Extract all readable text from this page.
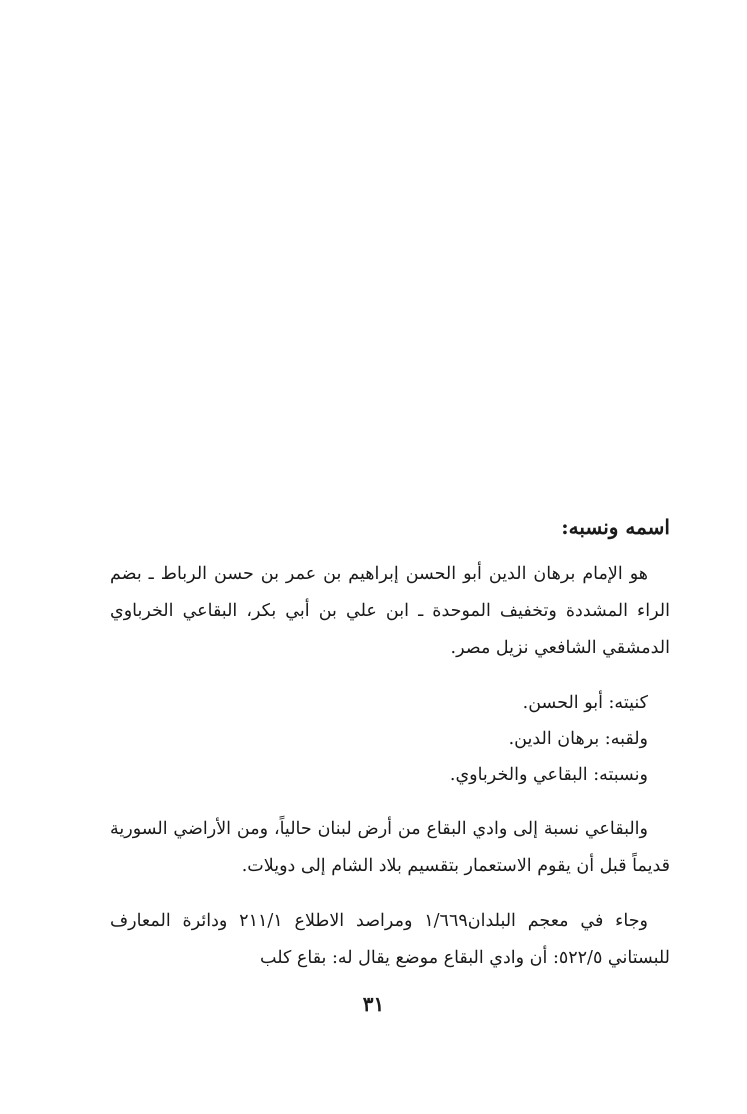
اسمه ونسبه:

هو الإمام برهان الدين أبو الحسن إبراهيم بن عمر بن حسن الرباط ـ بضم الراء المشددة وتخفيف الموحدة ـ ابن علي بن أبي بكر، البقاعي الخرباوي الدمشقي الشافعي نزيل مصر.

كنيته: أبو الحسن.
ولقبه: برهان الدين.
ونسبته: البقاعي والخرباوي.

والبقاعي نسبة إلى وادي البقاع من أرض لبنان حالياً، ومن الأراضي السورية قديماً قبل أن يقوم الاستعمار بتقسيم بلاد الشام إلى دويلات.

وجاء في معجم البلدان١/٦٦٩ ومراصد الاطلاع ٢١١/١ ودائرة المعارف للبستاني ٥٢٢/٥: أن وادي البقاع موضع يقال له: بقاع كلب

٣١
